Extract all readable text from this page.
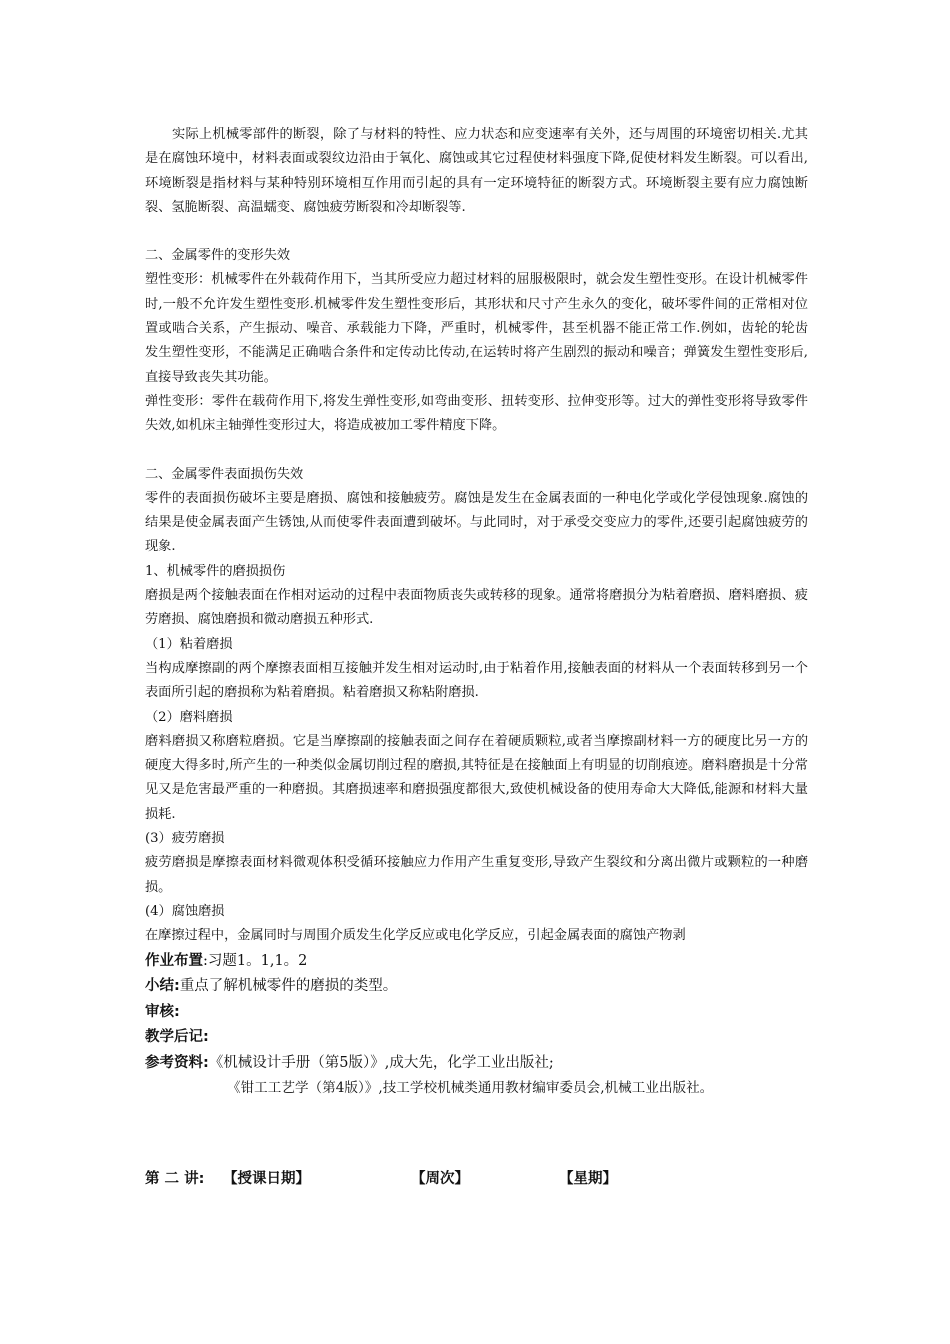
实际上机械零部件的断裂，除了与材料的特性、应力状态和应变速率有关外，还与周围的环境密切相关.尤其是在腐蚀环境中，材料表面或裂纹边沿由于氧化、腐蚀或其它过程使材料强度下降,促使材料发生断裂。可以看出,环境断裂是指材料与某种特别环境相互作用而引起的具有一定环境特征的断裂方式。环境断裂主要有应力腐蚀断裂、氢脆断裂、高温蠕变、腐蚀疲劳断裂和冷却断裂等.

二、金属零件的变形失效

塑性变形：机械零件在外载荷作用下，当其所受应力超过材料的屈服极限时，就会发生塑性变形。在设计机械零件时,一般不允许发生塑性变形.机械零件发生塑性变形后，其形状和尺寸产生永久的变化，破坏零件间的正常相对位置或啮合关系，产生振动、噪音、承载能力下降，严重时，机械零件，甚至机器不能正常工作.例如，齿轮的轮齿发生塑性变形，不能满足正确啮合条件和定传动比传动,在运转时将产生剧烈的振动和噪音；弹簧发生塑性变形后,直接导致丧失其功能。

弹性变形：零件在载荷作用下,将发生弹性变形,如弯曲变形、扭转变形、拉伸变形等。过大的弹性变形将导致零件失效,如机床主轴弹性变形过大，将造成被加工零件精度下降。

二、金属零件表面损伤失效

零件的表面损伤破坏主要是磨损、腐蚀和接触疲劳。腐蚀是发生在金属表面的一种电化学或化学侵蚀现象.腐蚀的结果是使金属表面产生锈蚀,从而使零件表面遭到破坏。与此同时，对于承受交变应力的零件,还要引起腐蚀疲劳的现象.

1、机械零件的磨损损伤

磨损是两个接触表面在作相对运动的过程中表面物质丧失或转移的现象。通常将磨损分为粘着磨损、磨料磨损、疲劳磨损、腐蚀磨损和微动磨损五种形式.

（1）粘着磨损

当构成摩擦副的两个摩擦表面相互接触并发生相对运动时,由于粘着作用,接触表面的材料从一个表面转移到另一个表面所引起的磨损称为粘着磨损。粘着磨损又称粘附磨损.

（2）磨料磨损

磨料磨损又称磨粒磨损。它是当摩擦副的接触表面之间存在着硬质颗粒,或者当摩擦副材料一方的硬度比另一方的硬度大得多时,所产生的一种类似金属切削过程的磨损,其特征是在接触面上有明显的切削痕迹。磨料磨损是十分常见又是危害最严重的一种磨损。其磨损速率和磨损强度都很大,致使机械设备的使用寿命大大降低,能源和材料大量损耗.

(3）疲劳磨损

疲劳磨损是摩擦表面材料微观体积受循环接触应力作用产生重复变形,导致产生裂纹和分离出微片或颗粒的一种磨损。

(4）腐蚀磨损

在摩擦过程中，金属同时与周围介质发生化学反应或电化学反应，引起金属表面的腐蚀产物剥

作业布置:习题1。1,1。2

小结:重点了解机械零件的磨损的类型。

审核:

教学后记:

参考资料:《机械设计手册（第5版）》,成大先，化学工业出版社;

《钳工工艺学（第4版）》,技工学校机械类通用教材编审委员会,机械工业出版社。

第 二 讲: 【授课日期】	【周次】	【星期】
